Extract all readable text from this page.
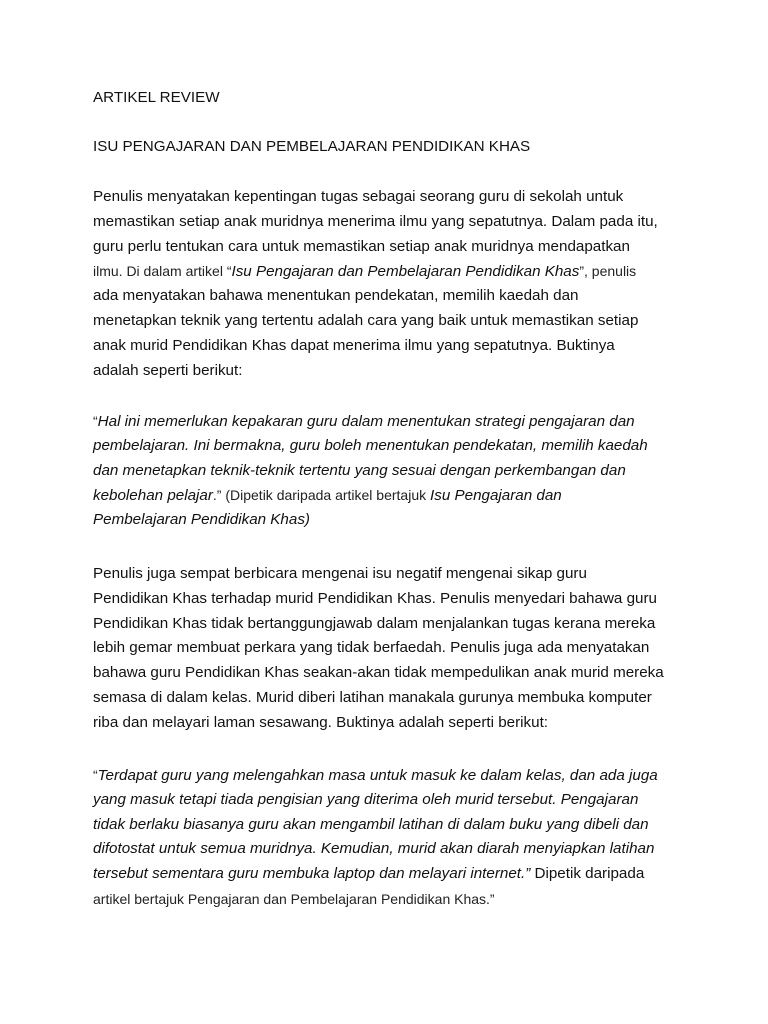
ARTIKEL REVIEW
ISU PENGAJARAN DAN PEMBELAJARAN PENDIDIKAN KHAS
Penulis menyatakan kepentingan tugas sebagai seorang guru di sekolah untuk
memastikan setiap anak muridnya menerima ilmu yang sepatutnya. Dalam pada itu,
guru perlu tentukan cara untuk memastikan setiap anak muridnya mendapatkan
ilmu. Di dalam artikel “Isu Pengajaran dan Pembelajaran Pendidikan Khas”, penulis
ada menyatakan bahawa menentukan pendekatan, memilih kaedah dan
menetapkan teknik yang tertentu adalah cara yang baik untuk memastikan setiap
anak murid Pendidikan Khas dapat menerima ilmu yang sepatutnya. Buktinya
adalah seperti berikut:
“Hal ini memerlukan kepakaran guru dalam menentukan strategi pengajaran dan
pembelajaran. Ini bermakna, guru boleh menentukan pendekatan, memilih kaedah
dan menetapkan teknik-teknik tertentu yang sesuai dengan perkembangan dan
kebolehan pelajar.” (Dipetik daripada artikel bertajuk Isu Pengajaran dan
Pembelajaran Pendidikan Khas)
Penulis juga sempat berbicara mengenai isu negatif mengenai sikap guru
Pendidikan Khas terhadap murid Pendidikan Khas. Penulis menyedari bahawa guru
Pendidikan Khas tidak bertanggungjawab dalam menjalankan tugas kerana mereka
lebih gemar membuat perkara yang tidak berfaedah. Penulis juga ada menyatakan
bahawa guru Pendidikan Khas seakan-akan tidak mempedulikan anak murid mereka
semasa di dalam kelas. Murid diberi latihan manakala gurunya membuka komputer
riba dan melayari laman sesawang. Buktinya adalah seperti berikut:
“Terdapat guru yang melengahkan masa untuk masuk ke dalam kelas, dan ada juga
yang masuk tetapi tiada pengisian yang diterima oleh murid tersebut. Pengajaran
tidak berlaku biasanya guru akan mengambil latihan di dalam buku yang dibeli dan
difotostat untuk semua muridnya. Kemudian, murid akan diarah menyiapkan latihan
tersebut sementara guru membuka laptop dan melayari internet.” Dipetik daripada
artikel bertajuk Pengajaran dan Pembelajaran Pendidikan Khas.”
